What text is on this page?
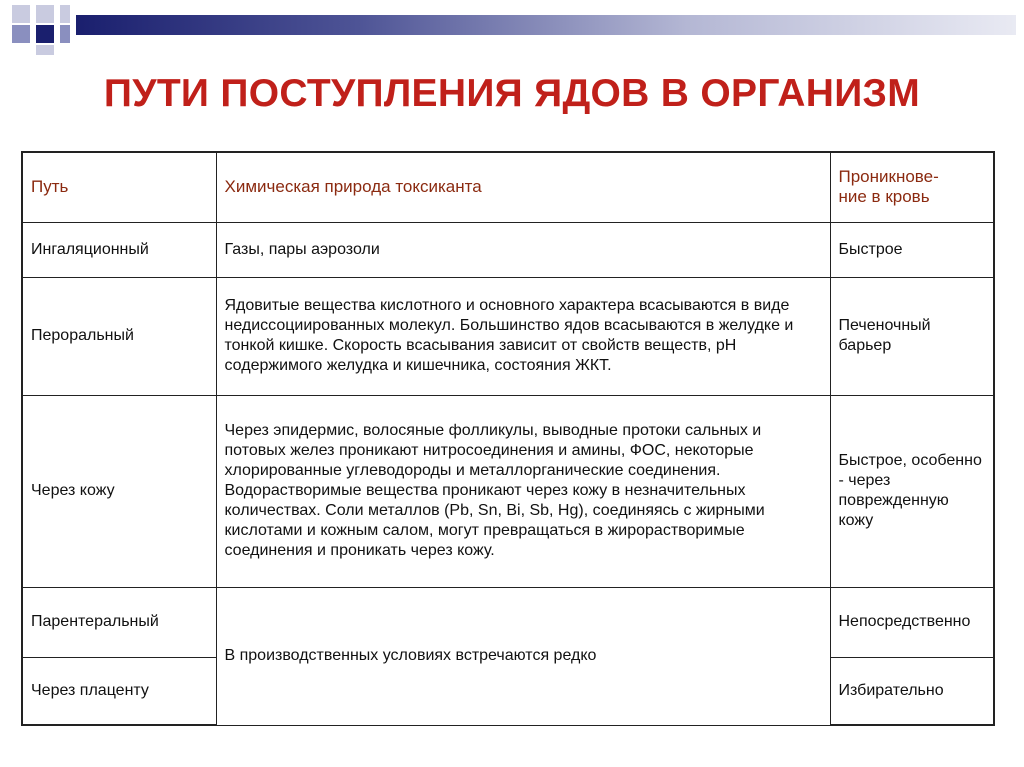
ПУТИ ПОСТУПЛЕНИЯ ЯДОВ В ОРГАНИЗМ
Путь	Химическая природа токсиканта	Проникнове-
ние в кровь
Ингаляционный	Газы, пары аэрозоли	Быстрое
Пероральный	Ядовитые вещества кислотного и основного характера всасываются в виде недиссоциированных молекул. Большинство ядов всасываются в желудке и тонкой кишке. Скорость всасывания зависит от свойств веществ, рН содержимого желудка и кишечника, состояния ЖКТ.	Печеночный барьер
Через кожу	Через эпидермис, волосяные фолликулы, выводные протоки сальных и потовых желез проникают нитросоединения и амины, ФОС, некоторые хлорированные углеводороды и металлорганические соединения. Водорастворимые вещества проникают через кожу в незначительных количествах. Соли металлов (Pb, Sn, Bi, Sb, Hg), соединяясь с жирными кислотами и кожным салом, могут превращаться в жирорастворимые соединения и проникать через кожу.	Быстрое, особенно - через поврежденную кожу
Парентеральный	В производственных условиях встречаются редко	Непосредственно
Через плаценту		Избирательно
